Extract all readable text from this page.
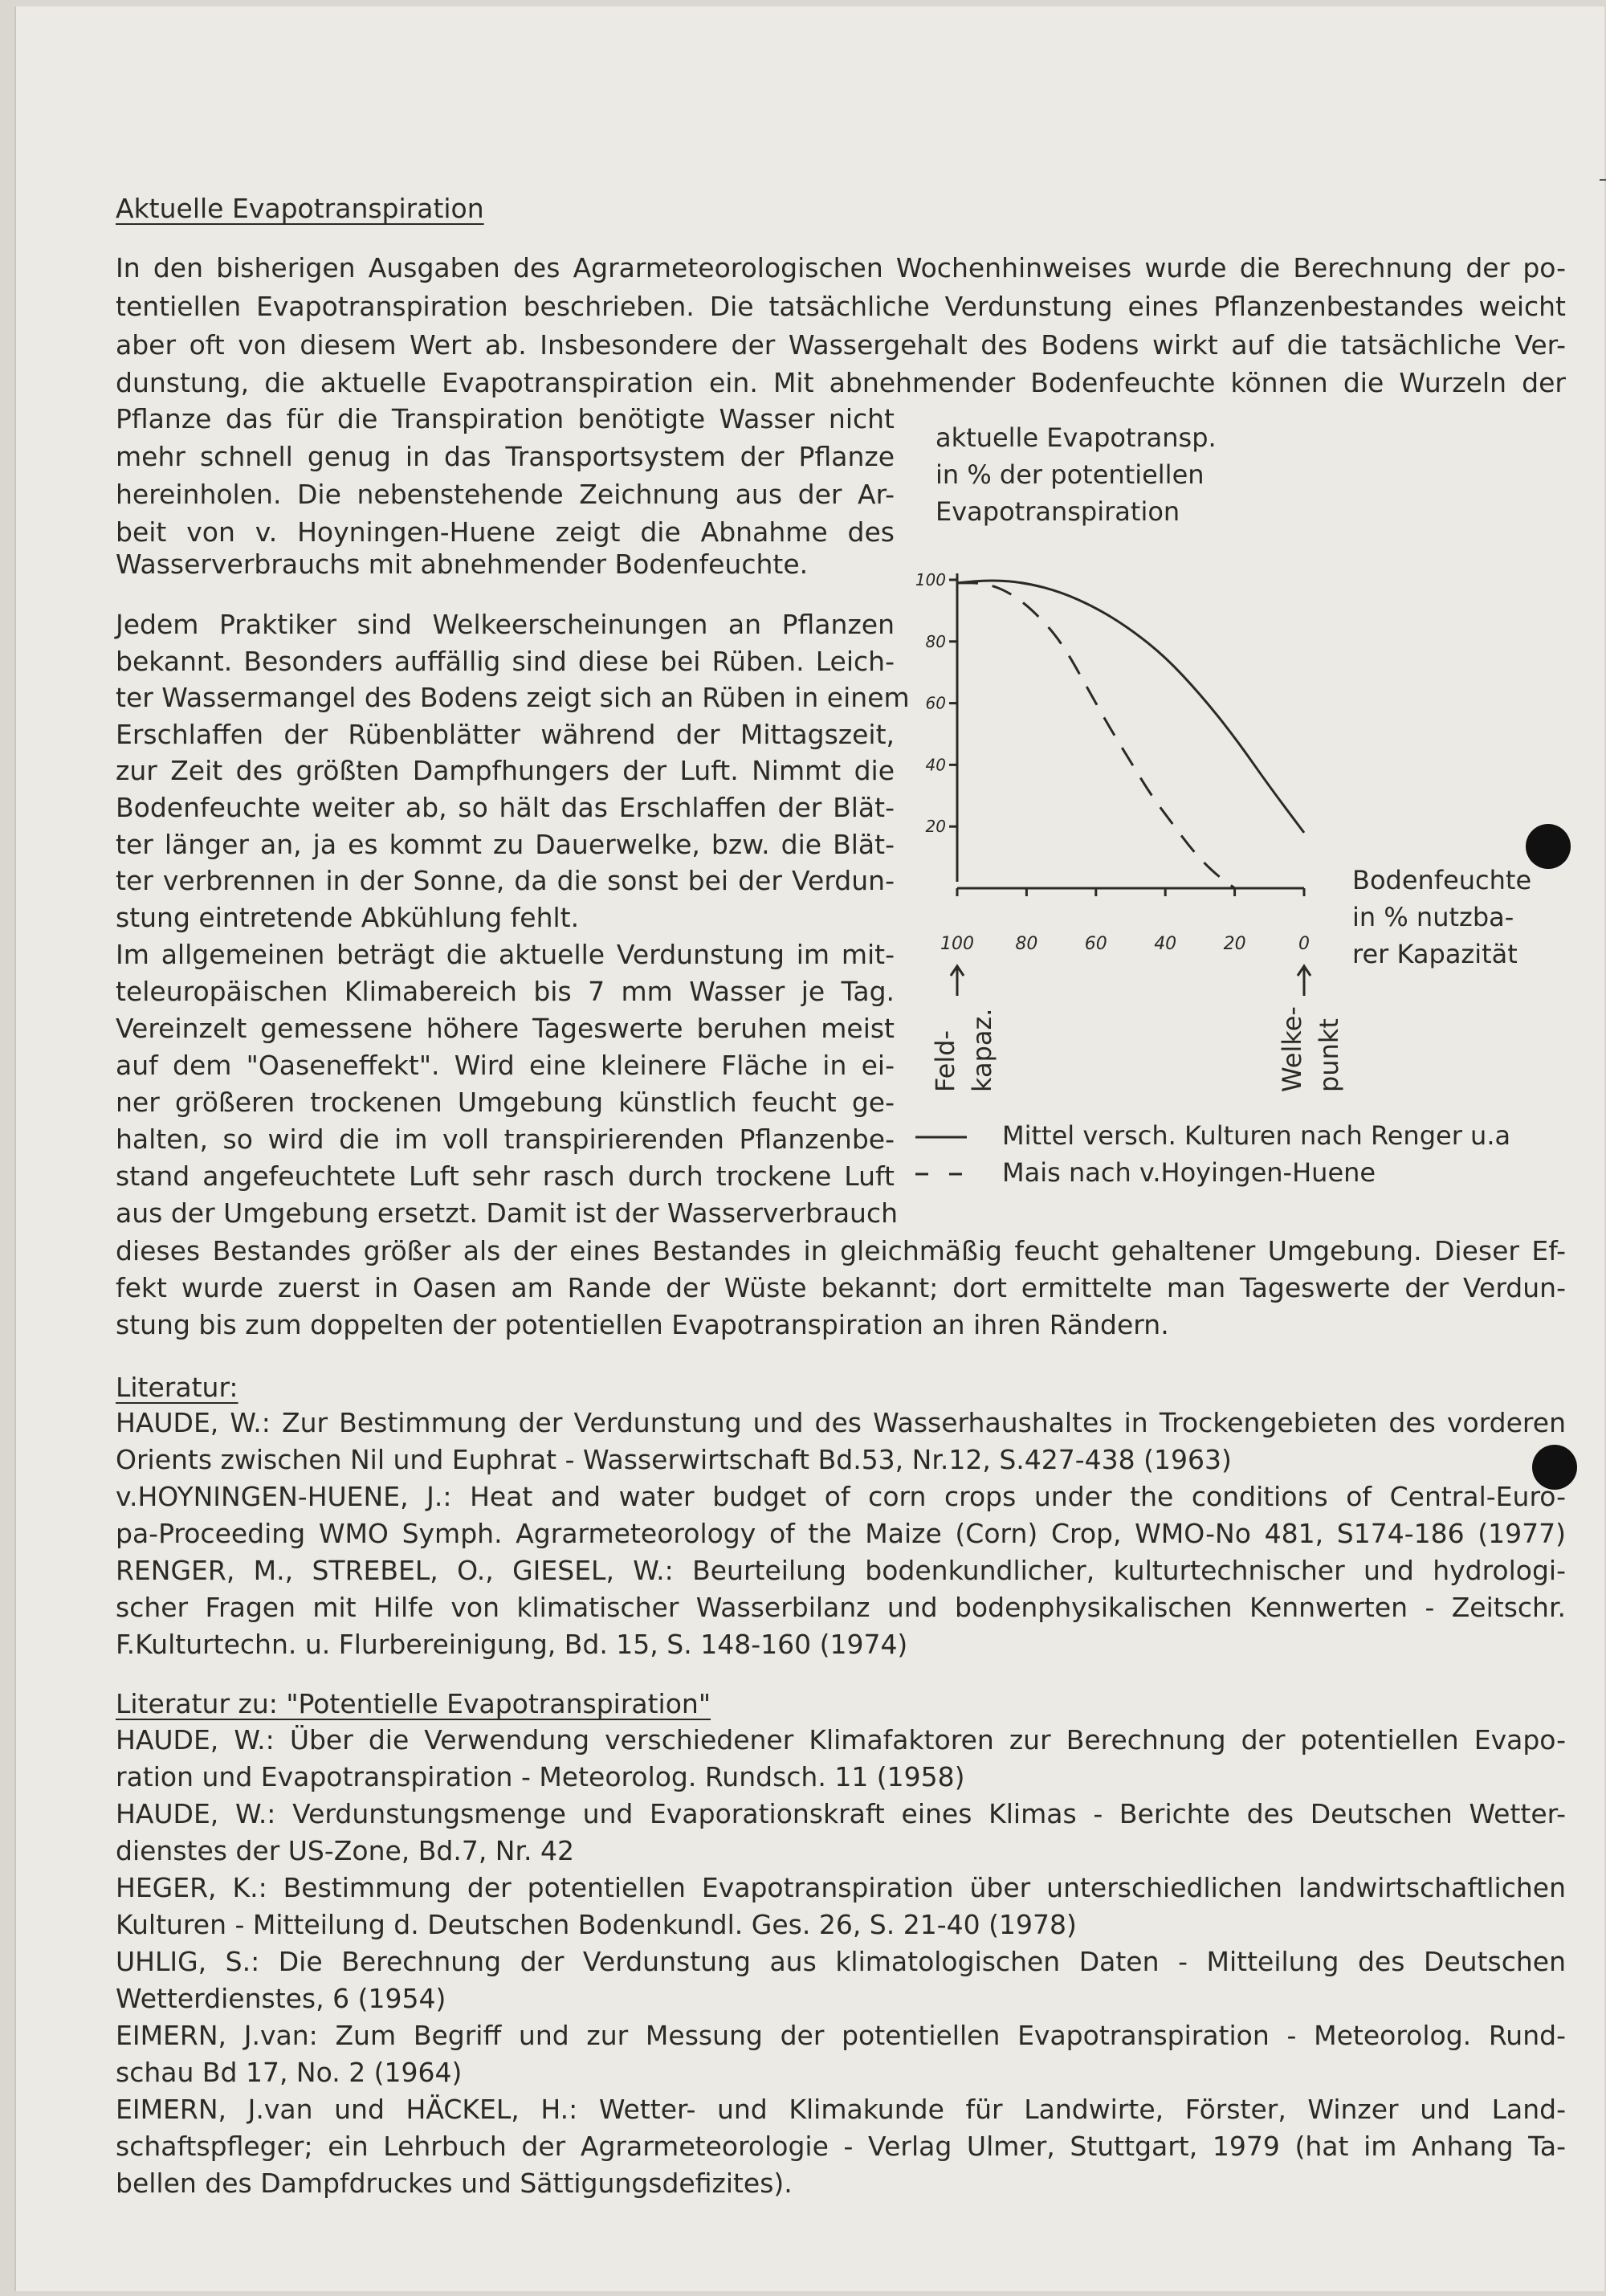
Aktuelle Evapotranspiration

In den bisherigen Ausgaben des Agrarmeteorologischen Wochenhinweises wurde die Berechnung der po-

tentiellen Evapotranspiration beschrieben. Die tatsächliche Verdunstung eines Pflanzenbestandes weicht

aber oft von diesem Wert ab. Insbesondere der Wassergehalt des Bodens wirkt auf die tatsächliche Ver-

dunstung, die aktuelle Evapotranspiration ein. Mit abnehmender Bodenfeuchte können die Wurzeln der

Pflanze das für die Transpiration benötigte Wasser nicht

mehr schnell genug in das Transportsystem der Pflanze

hereinholen. Die nebenstehende Zeichnung aus der Ar-

beit von v. Hoyningen-Huene zeigt die Abnahme des

Wasserverbrauchs mit abnehmender Bodenfeuchte.

Jedem Praktiker sind Welkeerscheinungen an Pflanzen

bekannt. Besonders auffällig sind diese bei Rüben. Leich-

ter Wassermangel des Bodens zeigt sich an Rüben in einem

Erschlaffen der Rübenblätter während der Mittagszeit,

zur Zeit des größten Dampfhungers der Luft. Nimmt die

Bodenfeuchte weiter ab, so hält das Erschlaffen der Blät-

ter länger an, ja es kommt zu Dauerwelke, bzw. die Blät-

ter verbrennen in der Sonne, da die sonst bei der Verdun-

stung eintretende Abkühlung fehlt.

Im allgemeinen beträgt die aktuelle Verdunstung im mit-

teleuropäischen Klimabereich bis 7 mm Wasser je Tag.

Vereinzelt gemessene höhere Tageswerte beruhen meist

auf dem "Oaseneffekt". Wird eine kleinere Fläche in ei-

ner größeren trockenen Umgebung künstlich feucht ge-

halten, so wird die im voll transpirierenden Pflanzenbe-

stand angefeuchtete Luft sehr rasch durch trockene Luft

aus der Umgebung ersetzt. Damit ist der Wasserverbrauch

dieses Bestandes größer als der eines Bestandes in gleichmäßig feucht gehaltener Umgebung. Dieser Ef-

fekt wurde zuerst in Oasen am Rande der Wüste bekannt; dort ermittelte man Tageswerte der Verdun-

stung bis zum doppelten der potentiellen Evapotranspiration an ihren Rändern.

Literatur:

HAUDE, W.: Zur Bestimmung der Verdunstung und des Wasserhaushaltes in Trockengebieten des vorderen

Orients zwischen Nil und Euphrat - Wasserwirtschaft Bd.53, Nr.12, S.427-438 (1963)

v.HOYNINGEN-HUENE, J.: Heat and water budget of corn crops under the conditions of Central-Euro-

pa-Proceeding WMO Symph. Agrarmeteorology of the Maize (Corn) Crop, WMO-No 481, S174-186 (1977)

RENGER, M., STREBEL, O., GIESEL, W.: Beurteilung bodenkundlicher, kulturtechnischer und hydrologi-

scher Fragen mit Hilfe von klimatischer Wasserbilanz und bodenphysikalischen Kennwerten - Zeitschr.

F.Kulturtechn. u. Flurbereinigung, Bd. 15, S. 148-160 (1974)

Literatur zu: "Potentielle Evapotranspiration"

HAUDE, W.: Über die Verwendung verschiedener Klimafaktoren zur Berechnung der potentiellen Evapo-

ration und Evapotranspiration - Meteorolog. Rundsch. 11 (1958)

HAUDE, W.: Verdunstungsmenge und Evaporationskraft eines Klimas - Berichte des Deutschen Wetter-

dienstes der US-Zone, Bd.7, Nr. 42

HEGER, K.: Bestimmung der potentiellen Evapotranspiration über unterschiedlichen landwirtschaftlichen

Kulturen - Mitteilung d. Deutschen Bodenkundl. Ges. 26, S. 21-40 (1978)

UHLIG, S.: Die Berechnung der Verdunstung aus klimatologischen Daten - Mitteilung des Deutschen

Wetterdienstes, 6 (1954)

EIMERN, J.van: Zum Begriff und zur Messung der potentiellen Evapotranspiration - Meteorolog. Rund-

schau Bd 17, No. 2 (1964)

EIMERN, J.van und HÄCKEL, H.: Wetter- und Klimakunde für Landwirte, Förster, Winzer und Land-

schaftspfleger; ein Lehrbuch der Agrarmeteorologie - Verlag Ulmer, Stuttgart, 1979 (hat im Anhang Ta-

bellen des Dampfdruckes und Sättigungsdefizites).

aktuelle Evapotransp.
in % der potentiellen
Evapotranspiration

Bodenfeuchte
in % nutzba-
rer Kapazität

100
80
60
40
20
100 80	60	40	20	0
Feld- kapaz.	Welke- punkt
Mittel versch. Kulturen nach Renger u.a
Mais nach v.Hoyingen-Huene
